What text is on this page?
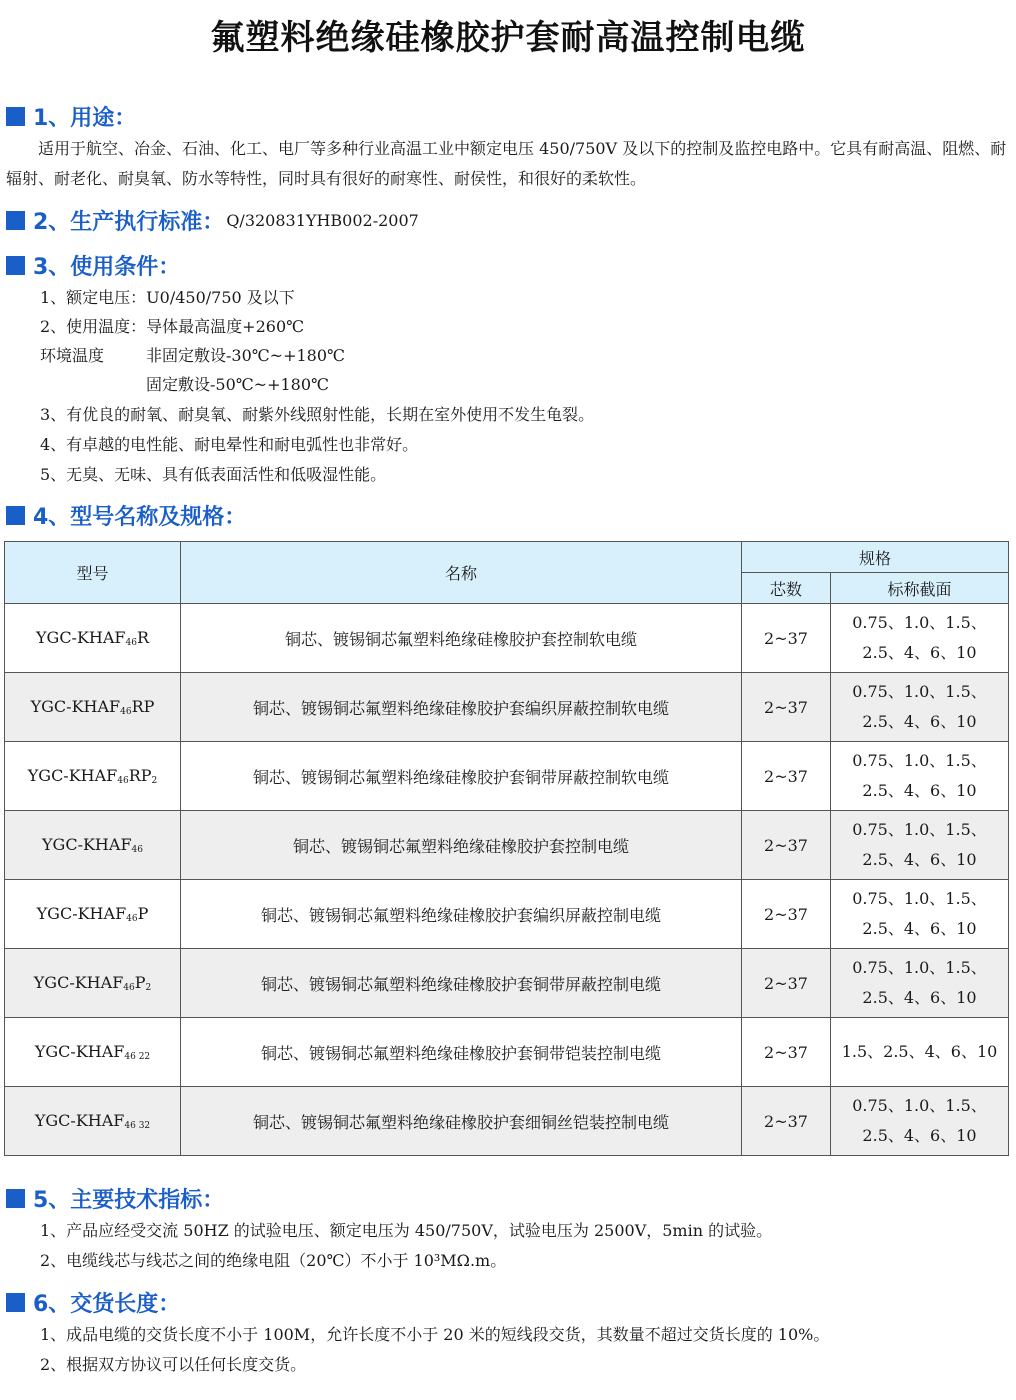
氟塑料绝缘硅橡胶护套耐高温控制电缆
1、用途：
适用于航空、冶金、石油、化工、电厂等多种行业高温工业中额定电压 450/750V 及以下的控制及监控电路中。它具有耐高温、阻燃、耐辐射、耐老化、耐臭氧、防水等特性，同时具有很好的耐寒性、耐侯性，和很好的柔软性。
2、生产执行标准： Q/320831YHB002-2007
3、使用条件：
1、额定电压：U0/450/750 及以下
2、使用温度：导体最高温度+260℃
环境温度	非固定敷设-30℃~+180℃
固定敷设-50℃~+180℃
3、有优良的耐氧、耐臭氧、耐紫外线照射性能，长期在室外使用不发生龟裂。
4、有卓越的电性能、耐电晕性和耐电弧性也非常好。
5、无臭、无味、具有低表面活性和低吸湿性能。
4、型号名称及规格：
型号	名称	规格	
		芯数	标称截面
YGC-$KHAF_{46}R$	铜芯、镀锡铜芯氟塑料绝缘硅橡胶护套控制软电缆	2~37	0.75、1.0、1.5、
2.5、4、6、10

YGC-$KHAF_{46}RP$	铜芯、镀锡铜芯氟塑料绝缘硅橡胶护套编织屏蔽控制软电缆	2~37	0.75、1.0、1.5、
2.5、4、6、10

YGC-$KHAF_{46}RP_2$	铜芯、镀锡铜芯氟塑料绝缘硅橡胶护套铜带屏蔽控制软电缆	2~37	0.75、1.0、1.5、
2.5、4、6、10

YGC-$KHAF_{46}$	铜芯、镀锡铜芯氟塑料绝缘硅橡胶护套控制电缆	2~37	0.75、1.0、1.5、
2.5、4、6、10

YGC-$KHAF_{46}P$	铜芯、镀锡铜芯氟塑料绝缘硅橡胶护套编织屏蔽控制电缆	2~37	0.75、1.0、1.5、
2.5、4、6、10

YGC-$KHAF_{46}P_2$	铜芯、镀锡铜芯氟塑料绝缘硅橡胶护套铜带屏蔽控制电缆	2~37	0.75、1.0、1.5、
2.5、4、6、10

YGC-$KHAF_{46 22}$	铜芯、镀锡铜芯氟塑料绝缘硅橡胶护套铜带铠装控制电缆	2~37	1.5、2.5、4、6、10

YGC-$KHAF_{46 32}$	铜芯、镀锡铜芯氟塑料绝缘硅橡胶护套细铜丝铠装控制电缆	2~37	0.75、1.0、1.5、
2.5、4、6、10
5、主要技术指标：
1、产品应经受交流 50HZ 的试验电压、额定电压为 450/750V，试验电压为 2500V，5min 的试验。
2、电缆线芯与线芯之间的绝缘电阻（20℃）不小于 10³MΩ.m。
6、交货长度：
1、成品电缆的交货长度不小于 100M，允许长度不小于 20 米的短线段交货，其数量不超过交货长度的 10%。
2、根据双方协议可以任何长度交货。
